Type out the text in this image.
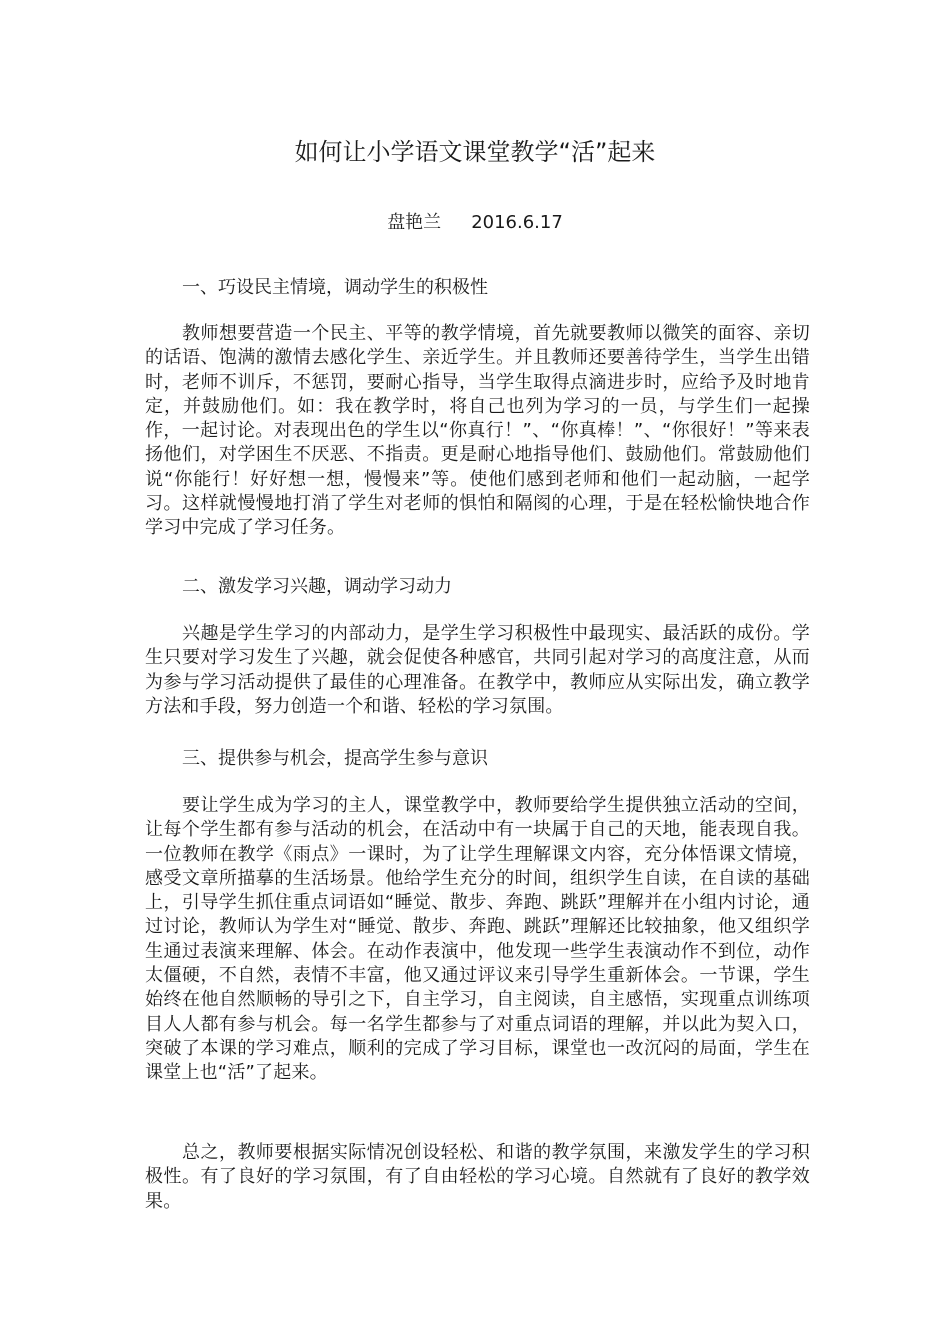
如何让小学语文课堂教学“活”起来
盘艳兰 2016.6.17
一、巧设民主情境，调动学生的积极性
教师想要营造一个民主、平等的教学情境，首先就要教师以微笑的面容、亲切的话语、饱满的激情去感化学生、亲近学生。并且教师还要善待学生，当学生出错时，老师不训斥，不惩罚，要耐心指导，当学生取得点滴进步时，应给予及时地肯定，并鼓励他们。如：我在教学时，将自己也列为学习的一员，与学生们一起操作，一起讨论。对表现出色的学生以“你真行！”、“你真棒！”、“你很好！”等来表扬他们，对学困生不厌恶、不指责。更是耐心地指导他们、鼓励他们。常鼓励他们说“你能行！好好想一想，慢慢来”等。使他们感到老师和他们一起动脑，一起学习。这样就慢慢地打消了学生对老师的惧怕和隔阂的心理，于是在轻松愉快地合作学习中完成了学习任务。
二、激发学习兴趣，调动学习动力
兴趣是学生学习的内部动力，是学生学习积极性中最现实、最活跃的成份。学生只要对学习发生了兴趣，就会促使各种感官，共同引起对学习的高度注意，从而为参与学习活动提供了最佳的心理准备。在教学中，教师应从实际出发，确立教学方法和手段，努力创造一个和谐、轻松的学习氛围。
三、提供参与机会，提高学生参与意识
要让学生成为学习的主人，课堂教学中，教师要给学生提供独立活动的空间，让每个学生都有参与活动的机会，在活动中有一块属于自己的天地，能表现自我。一位教师在教学《雨点》一课时，为了让学生理解课文内容，充分体悟课文情境，感受文章所描摹的生活场景。他给学生充分的时间，组织学生自读，在自读的基础上，引导学生抓住重点词语如“睡觉、散步、奔跑、跳跃”理解并在小组内讨论，通过讨论，教师认为学生对“睡觉、散步、奔跑、跳跃”理解还比较抽象，他又组织学生通过表演来理解、体会。在动作表演中，他发现一些学生表演动作不到位，动作太僵硬，不自然，表情不丰富，他又通过评议来引导学生重新体会。一节课，学生始终在他自然顺畅的导引之下，自主学习，自主阅读，自主感悟，实现重点训练项目人人都有参与机会。每一名学生都参与了对重点词语的理解，并以此为契入口，突破了本课的学习难点，顺利的完成了学习目标，课堂也一改沉闷的局面，学生在课堂上也“活”了起来。
总之，教师要根据实际情况创设轻松、和谐的教学氛围，来激发学生的学习积极性。有了良好的学习氛围，有了自由轻松的学习心境。自然就有了良好的教学效果。
